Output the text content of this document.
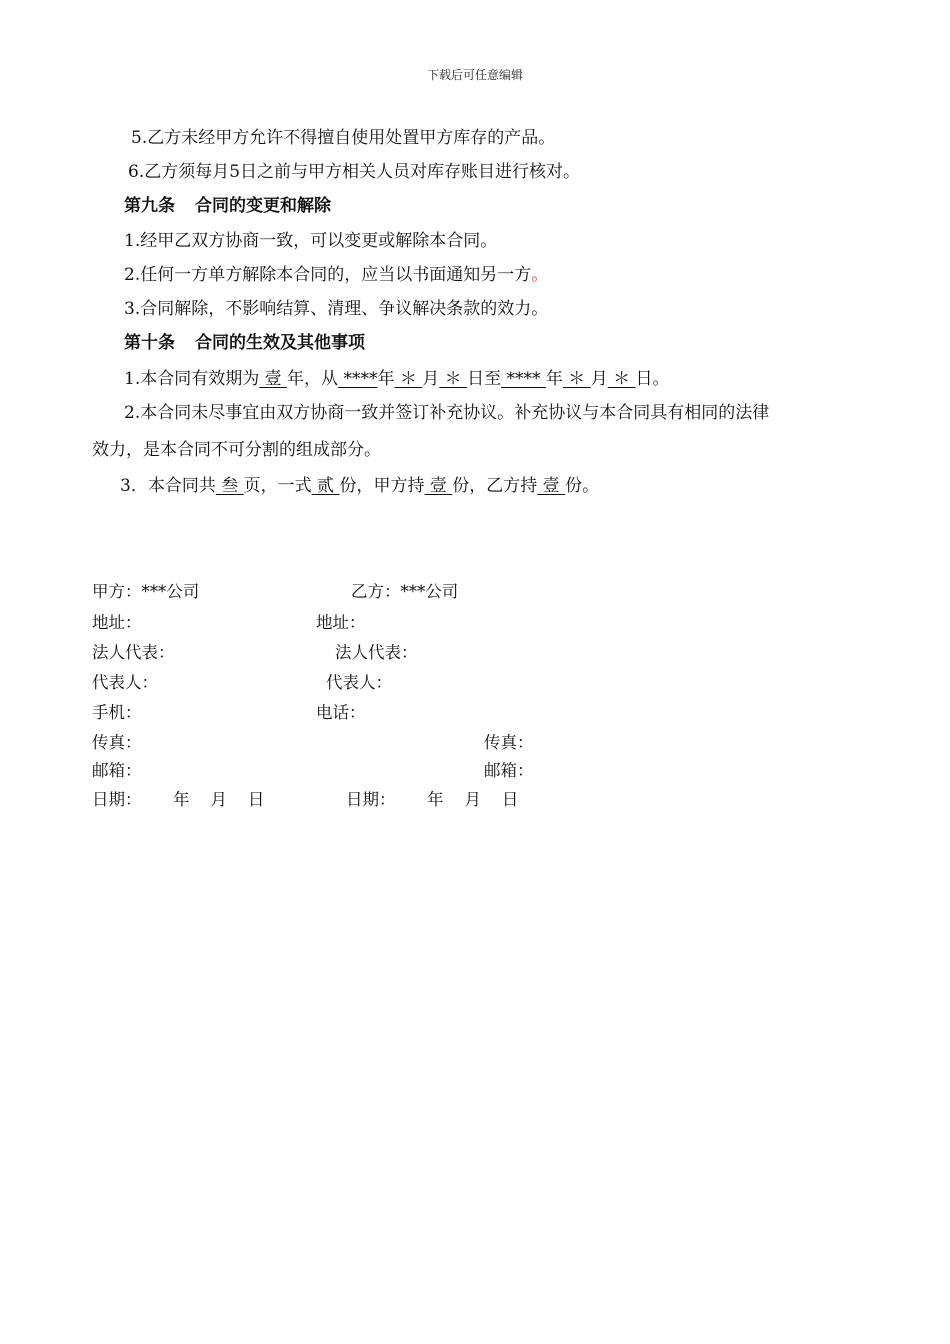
下载后可任意编辑
5.乙方未经甲方允许不得擅自使用处置甲方库存的产品。
6.乙方须每月5日之前与甲方相关人员对库存账目进行核对。
第九条 合同的变更和解除
1.经甲乙双方协商一致，可以变更或解除本合同。
2.任何一方单方解除本合同的，应当以书面通知另一方。
3.合同解除，不影响结算、清理、争议解决条款的效力。
第十条 合同的生效及其他事项
1.本合同有效期为 壹 年，从 ****年 ＊ 月 ＊ 日至 **** 年 ＊ 月 ＊ 日。
2.本合同未尽事宜由双方协商一致并签订补充协议。补充协议与本合同具有相同的法律
效力，是本合同不可分割的组成部分。
3．本合同共 叁 页，一式 贰 份，甲方持 壹 份，乙方持 壹 份。
甲方：***公司	乙方：***公司
地址：	地址：
法人代表：	法人代表：
代表人：	代表人：
手机：	电话：
传真：	传真：
邮箱：	邮箱：
日期：      年    月    日	日期：      年    月    日
